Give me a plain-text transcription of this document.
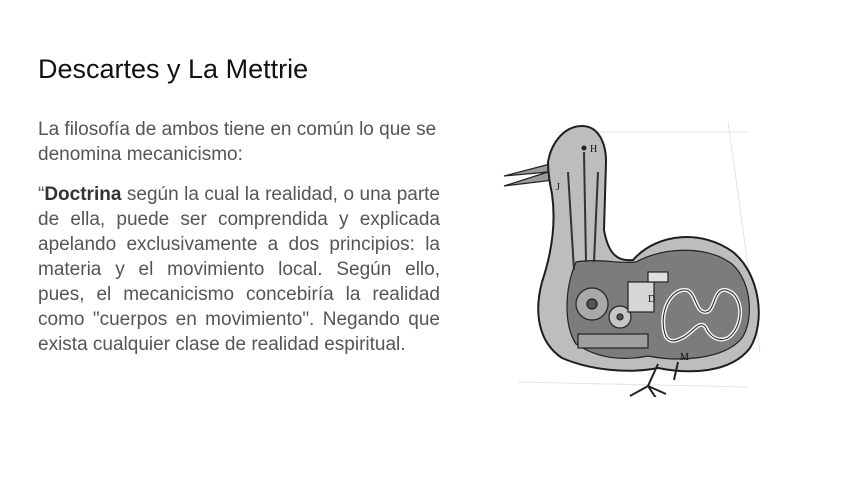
Descartes y La Mettrie
La filosofía de ambos tiene en común lo que se denomina mecanicismo:
“Doctrina según la cual la realidad, o una parte de ella, puede ser comprendida y explicada apelando exclusivamente a dos principios: la materia y el movimiento local. Según ello, pues, el mecanicismo concebiría la realidad como "cuerpos en movimiento". Negando que exista cualquier clase de realidad espiritual.
H
J
D
M
